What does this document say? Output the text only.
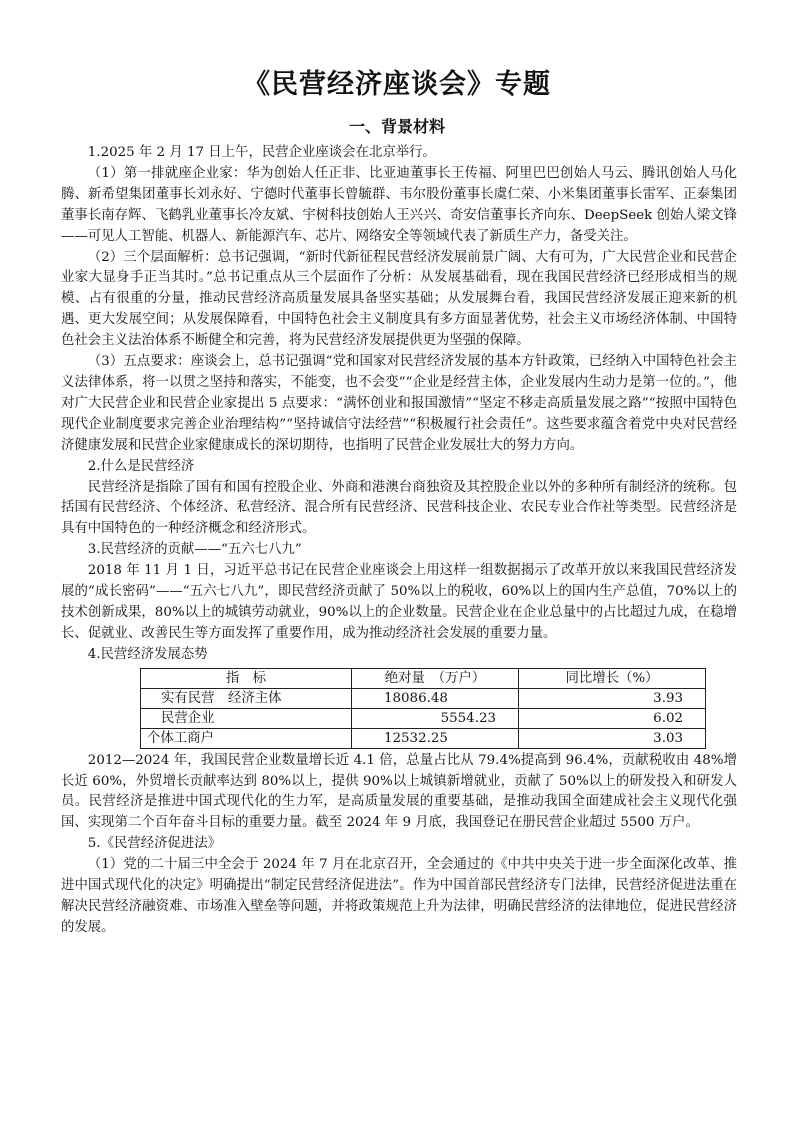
《民营经济座谈会》专题
一、背景材料

1.2025 年 2 月 17 日上午，民营企业座谈会在北京举行。

（1）第一排就座企业家：华为创始人任正非、比亚迪董事长王传福、阿里巴巴创始人马云、腾讯创始人马化腾、新希望集团董事长刘永好、宁德时代董事长曾毓群、韦尔股份董事长虞仁荣、小米集团董事长雷军、正泰集团董事长南存辉、飞鹤乳业董事长冷友斌、宇树科技创始人王兴兴、奇安信董事长齐向东、DeepSeek 创始人梁文锋——可见人工智能、机器人、新能源汽车、芯片、网络安全等领域代表了新质生产力，备受关注。

（2）三个层面解析：总书记强调，“新时代新征程民营经济发展前景广阔、大有可为，广大民营企业和民营企业家大显身手正当其时。”总书记重点从三个层面作了分析：从发展基础看，现在我国民营经济已经形成相当的规模、占有很重的分量，推动民营经济高质量发展具备坚实基础；从发展舞台看，我国民营经济发展正迎来新的机遇、更大发展空间；从发展保障看，中国特色社会主义制度具有多方面显著优势，社会主义市场经济体制、中国特色社会主义法治体系不断健全和完善，将为民营经济发展提供更为坚强的保障。

（3）五点要求：座谈会上，总书记强调“党和国家对民营经济发展的基本方针政策，已经纳入中国特色社会主义法律体系，将一以贯之坚持和落实，不能变，也不会变”“企业是经营主体，企业发展内生动力是第一位的。”，他对广大民营企业和民营企业家提出 5 点要求：“满怀创业和报国激情”“坚定不移走高质量发展之路”“按照中国特色现代企业制度要求完善企业治理结构”“坚持诚信守法经营”“积极履行社会责任”。这些要求蕴含着党中央对民营经济健康发展和民营企业家健康成长的深切期待，也指明了民营企业发展壮大的努力方向。

2.什么是民营经济

民营经济是指除了国有和国有控股企业、外商和港澳台商独资及其控股企业以外的多种所有制经济的统称。包括国有民营经济、个体经济、私营经济、混合所有民营经济、民营科技企业、农民专业合作社等类型。民营经济是具有中国特色的一种经济概念和经济形式。

3.民营经济的贡献——“五六七八九”

2018 年 11 月 1 日，习近平总书记在民营企业座谈会上用这样一组数据揭示了改革开放以来我国民营经济发展的“成长密码”——“五六七八九”，即民营经济贡献了 50%以上的税收，60%以上的国内生产总值，70%以上的技术创新成果，80%以上的城镇劳动就业，90%以上的企业数量。民营企业在企业总量中的占比超过九成，在稳增长、促就业、改善民生等方面发挥了重要作用，成为推动经济社会发展的重要力量。

4.民营经济发展态势

指　标	绝对量　（万户）	同比增长（%）
实有民营　经济主体	18086.48	3.93
民营企业	5554.23	6.02
个体工商户	12532.25	3.03

2012—2024 年，我国民营企业数量增长近 4.1 倍，总量占比从 79.4%提高到 96.4%，贡献税收由 48%增长近 60%，外贸增长贡献率达到 80%以上，提供 90%以上城镇新增就业，贡献了 50%以上的研发投入和研发人员。民营经济是推进中国式现代化的生力军，是高质量发展的重要基础，是推动我国全面建成社会主义现代化强国、实现第二个百年奋斗目标的重要力量。截至 2024 年 9 月底，我国登记在册民营企业超过 5500 万户。

5.《民营经济促进法》

（1）党的二十届三中全会于 2024 年 7 月在北京召开，全会通过的《中共中央关于进一步全面深化改革、推进中国式现代化的决定》明确提出“制定民营经济促进法”。作为中国首部民营经济专门法律，民营经济促进法重在解决民营经济融资难、市场准入壁垒等问题，并将政策规范上升为法律，明确民营经济的法律地位，促进民营经济的发展。
